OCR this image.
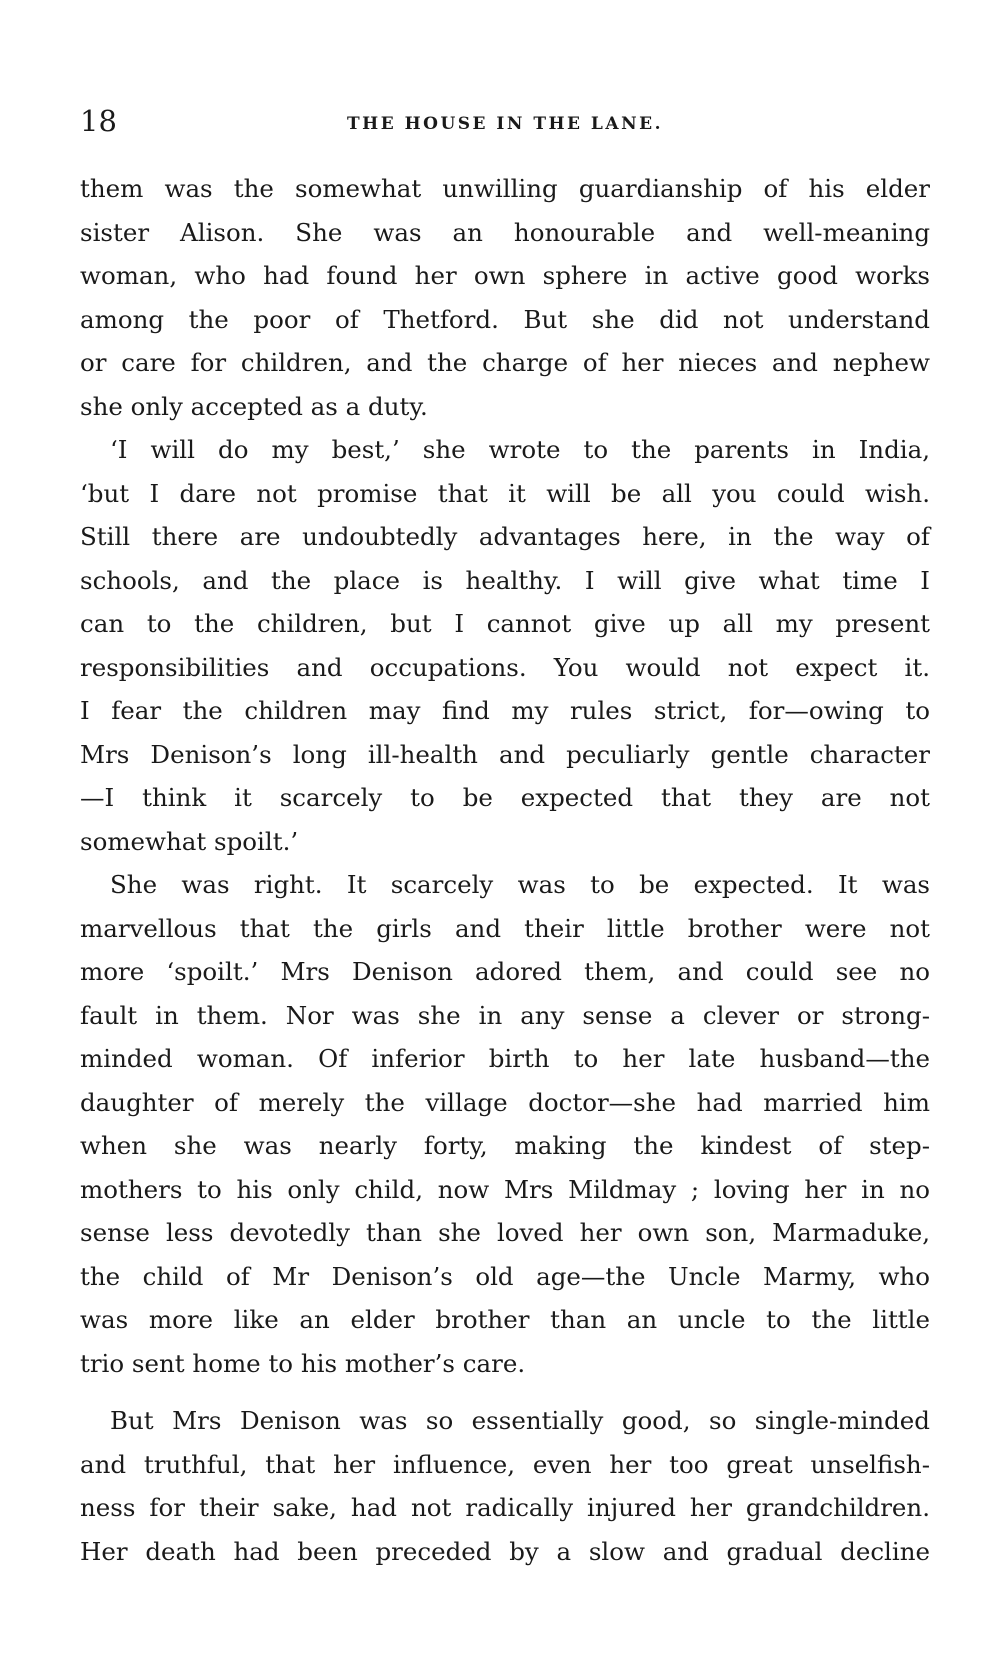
18	THE HOUSE IN THE LANE.

them was the somewhat unwilling guardianship of his elder
sister Alison. She was an honourable and well-meaning
woman, who had found her own sphere in active good works
among the poor of Thetford. But she did not understand
or care for children, and the charge of her nieces and nephew
she only accepted as a duty.

‘I will do my best,’ she wrote to the parents in India,
‘but I dare not promise that it will be all you could wish.
Still there are undoubtedly advantages here, in the way of
schools, and the place is healthy. I will give what time I
can to the children, but I cannot give up all my present
responsibilities and occupations. You would not expect it.
I fear the children may find my rules strict, for—owing to
Mrs Denison’s long ill-health and peculiarly gentle character
—I think it scarcely to be expected that they are not
somewhat spoilt.’

She was right. It scarcely was to be expected. It was
marvellous that the girls and their little brother were not
more ‘spoilt.’ Mrs Denison adored them, and could see no
fault in them. Nor was she in any sense a clever or strong-
minded woman. Of inferior birth to her late husband—the
daughter of merely the village doctor—she had married him
when she was nearly forty, making the kindest of step-
mothers to his only child, now Mrs Mildmay ; loving her in no
sense less devotedly than she loved her own son, Marmaduke,
the child of Mr Denison’s old age—the Uncle Marmy, who
was more like an elder brother than an uncle to the little
trio sent home to his mother’s care.

But Mrs Denison was so essentially good, so single-minded
and truthful, that her influence, even her too great unselfish-
ness for their sake, had not radically injured her grandchildren.
Her death had been preceded by a slow and gradual decline
